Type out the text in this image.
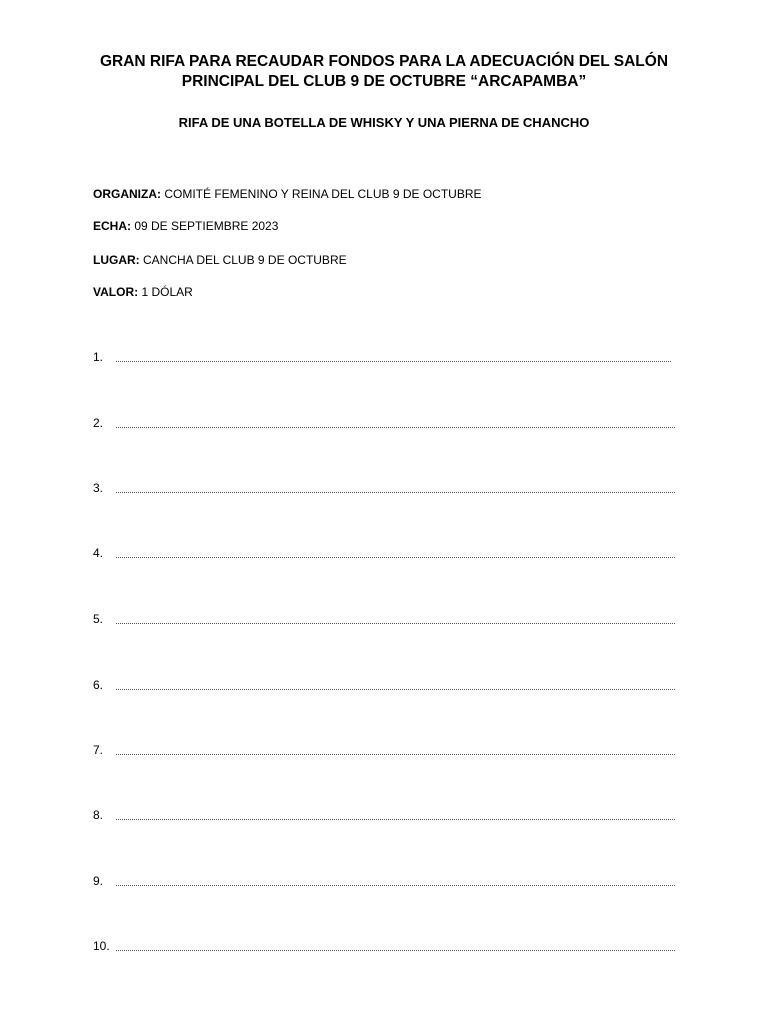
GRAN RIFA PARA RECAUDAR FONDOS PARA LA ADECUACIÓN DEL SALÓN
PRINCIPAL DEL CLUB 9 DE OCTUBRE “ARCAPAMBA”
RIFA DE UNA BOTELLA DE WHISKY Y UNA PIERNA DE CHANCHO
ORGANIZA: COMITÉ FEMENINO Y REINA DEL CLUB 9 DE OCTUBRE
ECHA: 09 DE SEPTIEMBRE 2023
LUGAR: CANCHA DEL CLUB 9 DE OCTUBRE
VALOR: 1 DÓLAR
1.
2.
3.
4.
5.
6.
7.
8.
9.
10.
